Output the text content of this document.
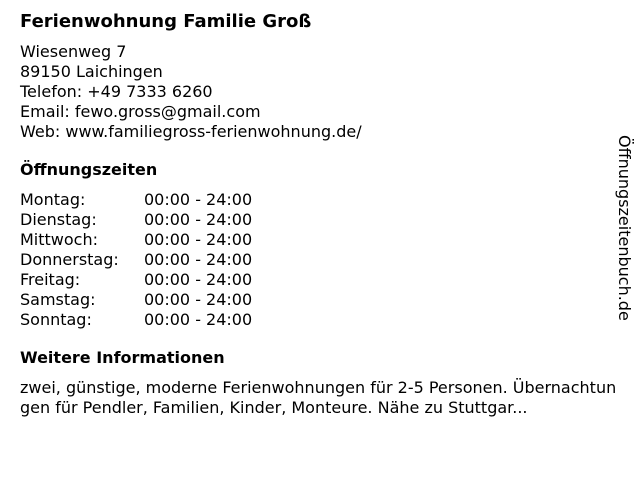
Ferienwohnung Familie Groß
Wiesenweg 7
89150 Laichingen
Telefon: +49 7333 6260
Email: fewo.gross@gmail.com
Web: www.familiegross-ferienwohnung.de/
Öffnungszeiten
Montag:	00:00 - 24:00
Dienstag:	00:00 - 24:00
Mittwoch:	00:00 - 24:00
Donnerstag:	00:00 - 24:00
Freitag:	00:00 - 24:00
Samstag:	00:00 - 24:00
Sonntag:	00:00 - 24:00
Weitere Informationen
zwei, günstige, moderne Ferienwohnungen für 2-5 Personen. Übernachtungen für Pendler, Familien, Kinder, Monteure. Nähe zu Stuttgar...
Öffnungszeitenbuch.de
